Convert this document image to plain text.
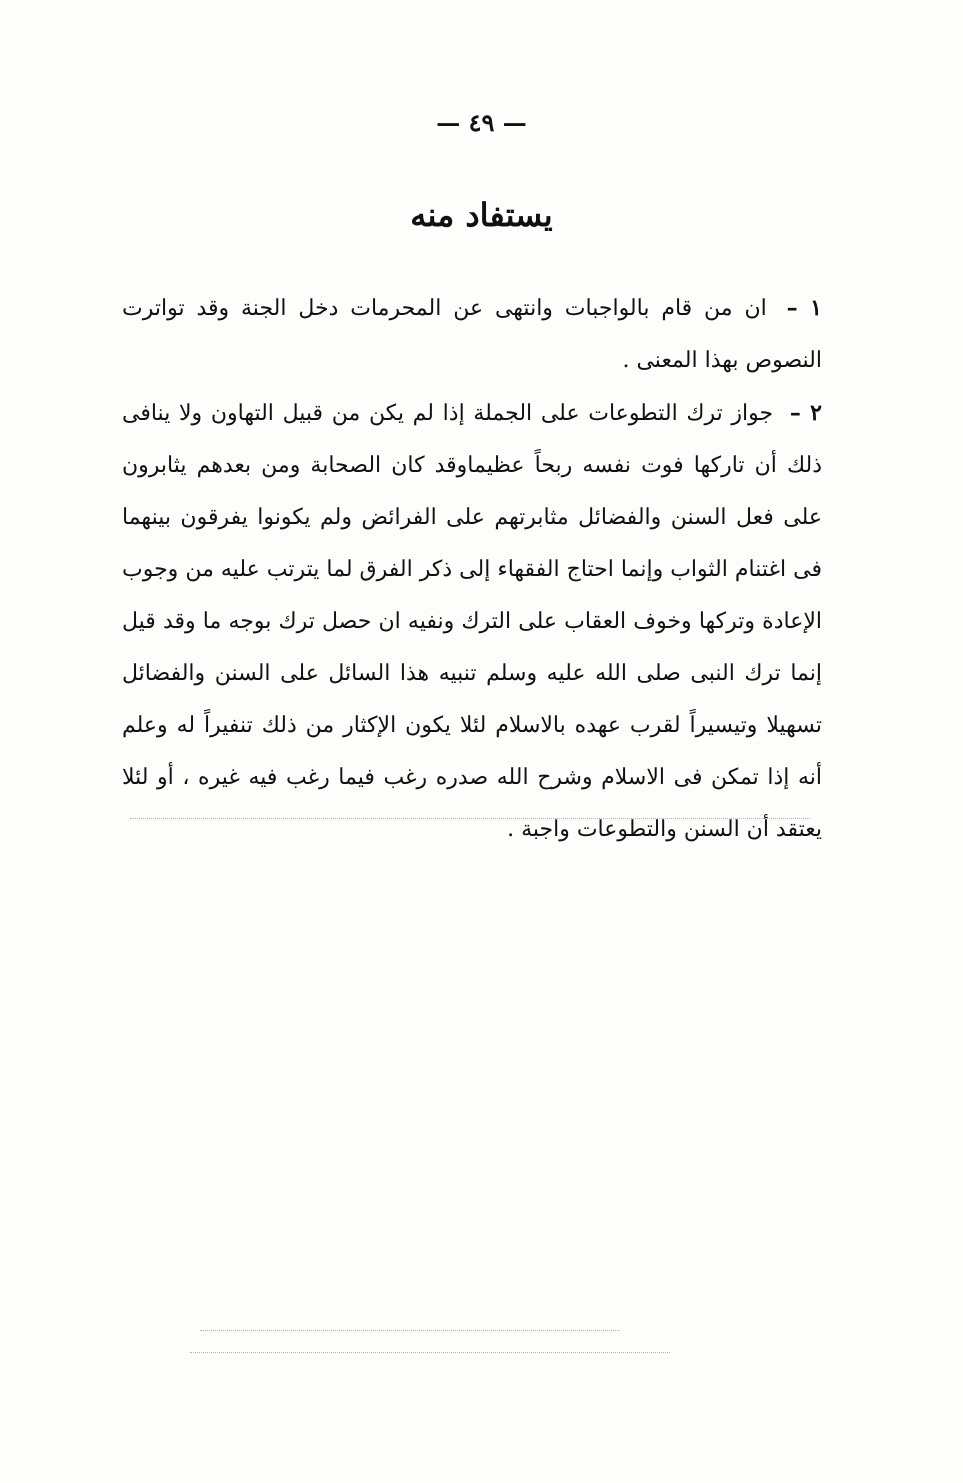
— ٤٩ —
يستفاد منه

١ – ان من قام بالواجبات وانتهى عن المحرمات دخل الجنة وقد تواترت النصوص بهذا المعنى .

٢ – جواز ترك التطوعات على الجملة إذا لم يكن من قبيل التهاون ولا ينافى ذلك أن تاركها فوت نفسه ربحاً عظيماوقد كان الصحابة ومن بعدهم يثابرون على فعل السنن والفضائل مثابرتهم على الفرائض ولم يكونوا يفرقون بينهما فى اغتنام الثواب وإنما احتاج الفقهاء إلى ذكر الفرق لما يترتب عليه من وجوب الإعادة وتركها وخوف العقاب على الترك ونفيه ان حصل ترك بوجه ما وقد قيل إنما ترك النبى صلى الله عليه وسلم تنبيه هذا السائل على السنن والفضائل تسهيلا وتيسيراً لقرب عهده بالاسلام لئلا يكون الإكثار من ذلك تنفيراً له وعلم أنه إذا تمكن فى الاسلام وشرح الله صدره رغب فيما رغب فيه غيره ، أو لئلا يعتقد أن السنن والتطوعات واجبة .
